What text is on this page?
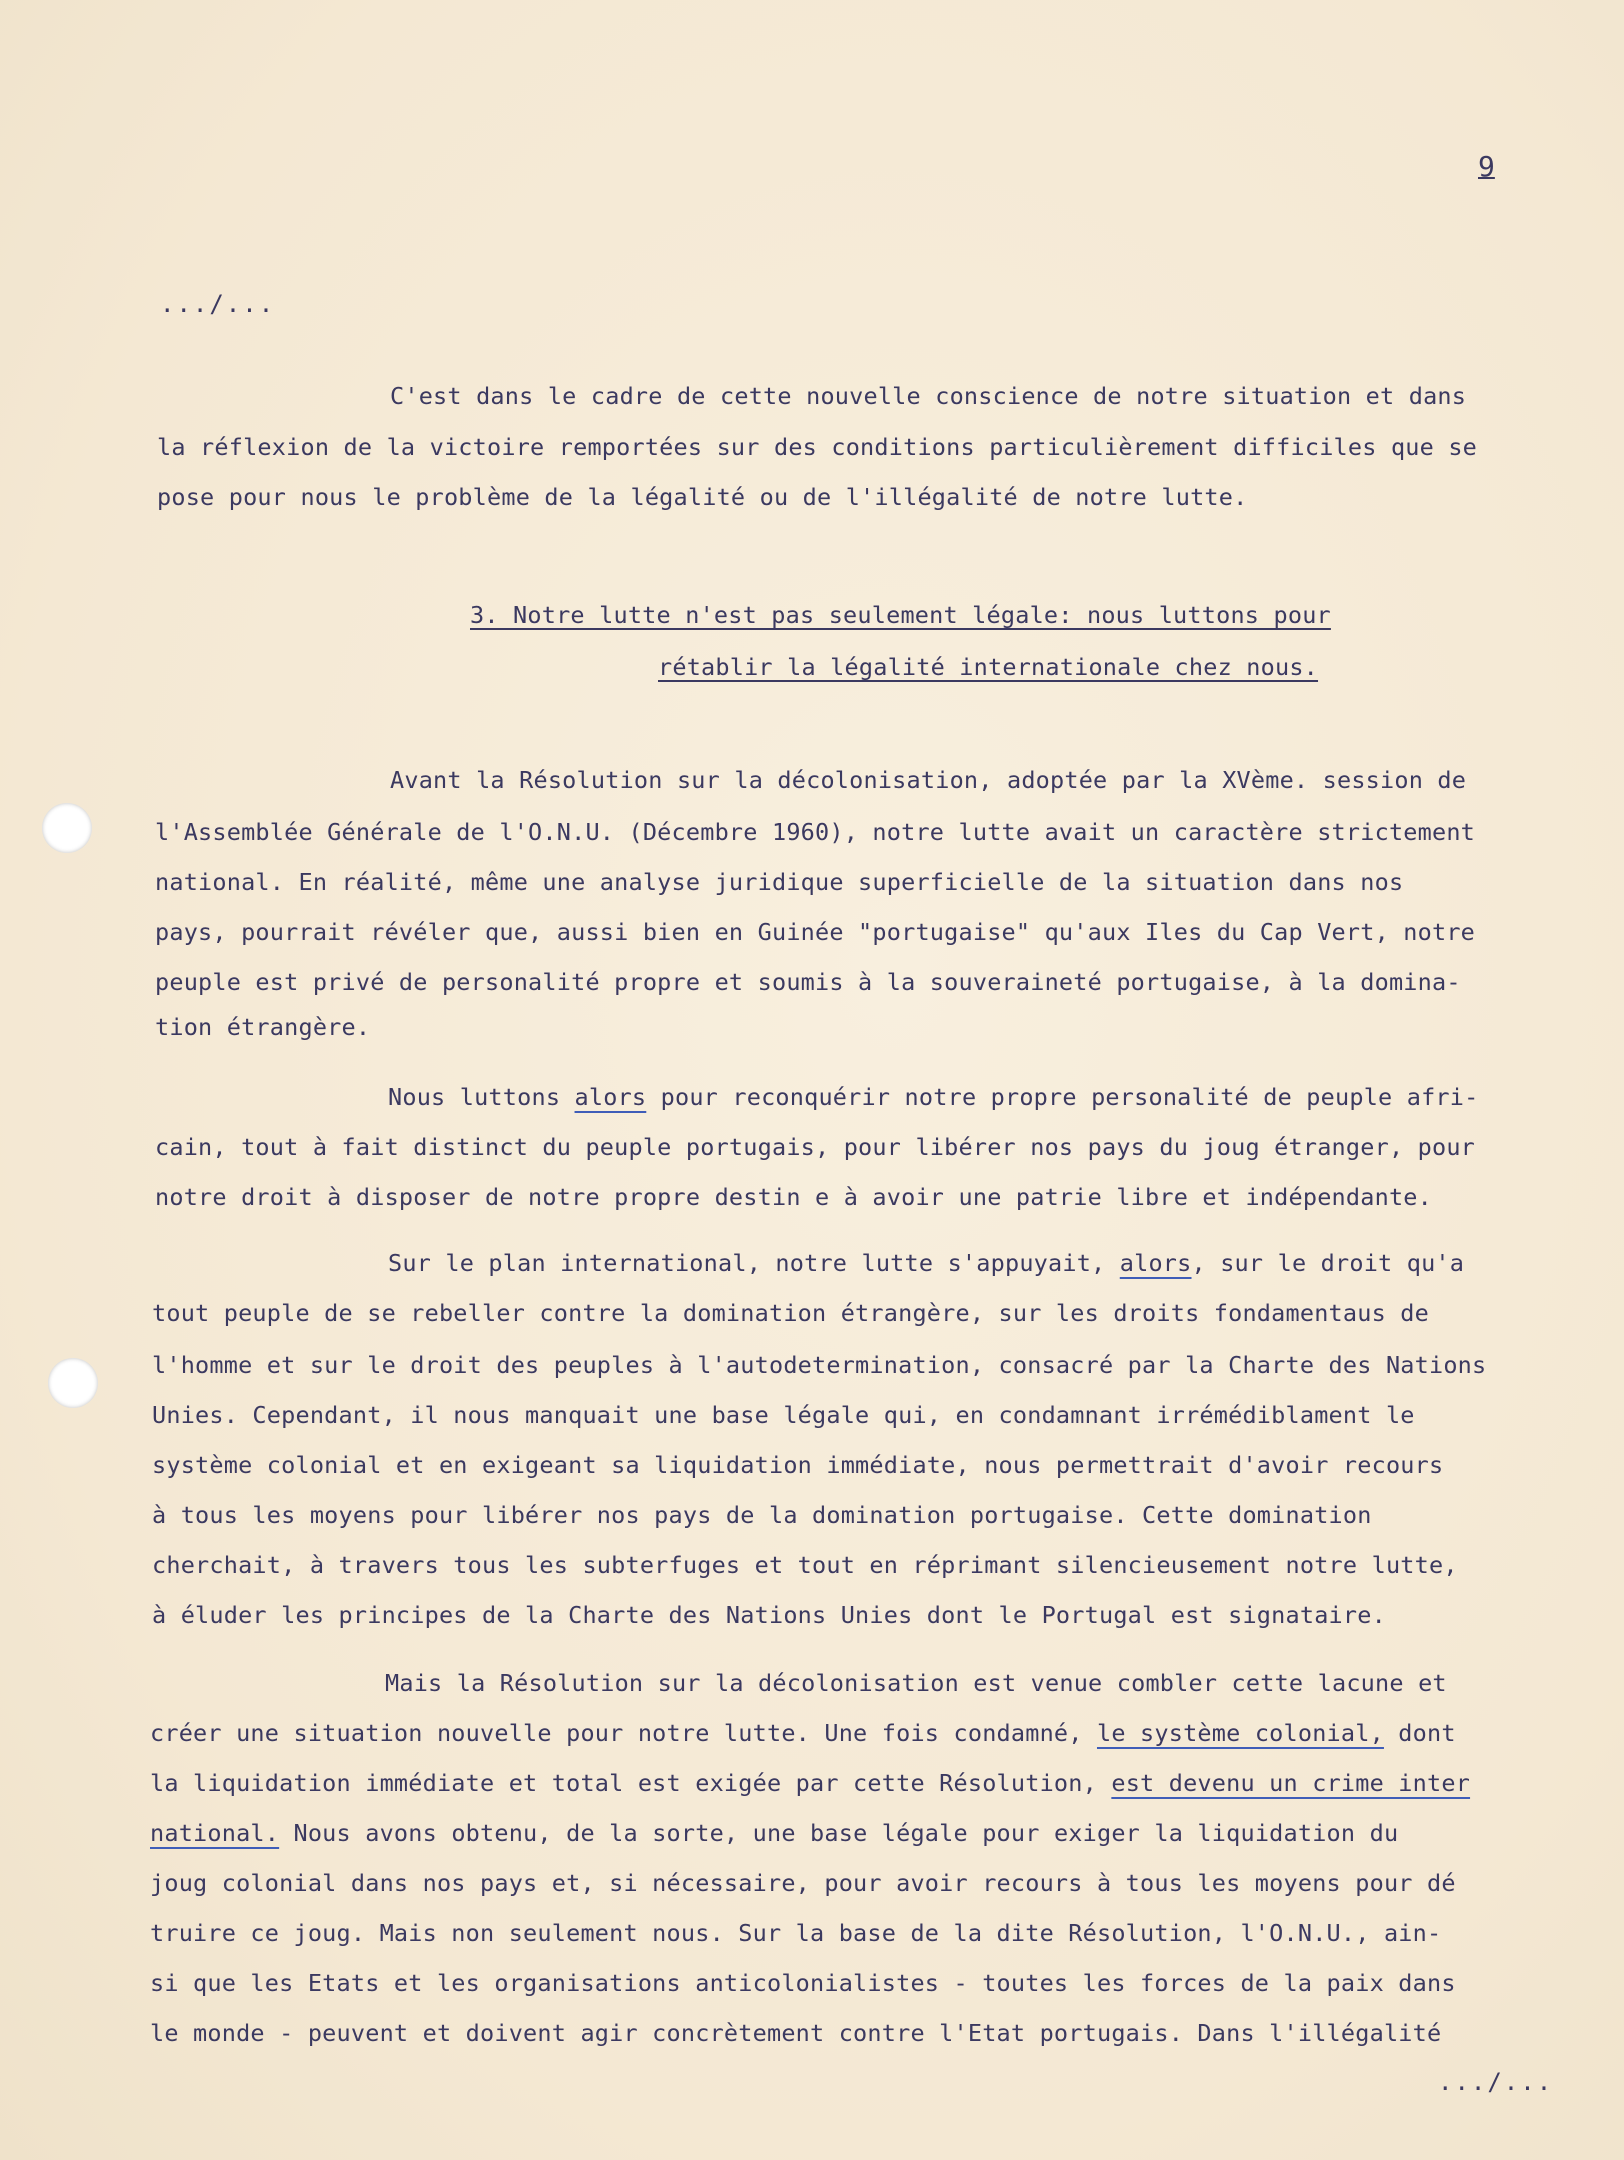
9
.../...
C'est dans le cadre de cette nouvelle conscience de notre situation et dans
la réflexion de la victoire remportées sur des conditions particulièrement difficiles que se
pose pour nous le problème de la légalité ou de l'illégalité de notre lutte.
3. Notre lutte n'est pas seulement légale: nous luttons pour
rétablir la légalité internationale chez nous.
Avant la Résolution sur la décolonisation, adoptée par la XVème. session de
l'Assemblée Générale de l'O.N.U. (Décembre 1960), notre lutte avait un caractère strictement
national. En réalité, même une analyse juridique superficielle de la situation dans nos
pays, pourrait révéler que, aussi bien en Guinée "portugaise" qu'aux Iles du Cap Vert, notre
peuple est privé de personalité propre et soumis à la souveraineté portugaise, à la domina-
tion étrangère.
Nous luttons alors pour reconquérir notre propre personalité de peuple afri-
cain, tout à fait distinct du peuple portugais, pour libérer nos pays du joug étranger, pour
notre droit à disposer de notre propre destin e à avoir une patrie libre et indépendante.
Sur le plan international, notre lutte s'appuyait, alors, sur le droit qu'a
tout peuple de se rebeller contre la domination étrangère, sur les droits fondamentaus de
l'homme et sur le droit des peuples à l'autodetermination, consacré par la Charte des Nations
Unies. Cependant, il nous manquait une base légale qui, en condamnant irrémédiblament le
système colonial et en exigeant sa liquidation immédiate, nous permettrait d'avoir recours
à tous les moyens pour libérer nos pays de la domination portugaise. Cette domination
cherchait, à travers tous les subterfuges et tout en réprimant silencieusement notre lutte,
à éluder les principes de la Charte des Nations Unies dont le Portugal est signataire.
Mais la Résolution sur la décolonisation est venue combler cette lacune et
créer une situation nouvelle pour notre lutte. Une fois condamné, le système colonial, dont
la liquidation immédiate et total est exigée par cette Résolution, est devenu un crime inter
national. Nous avons obtenu, de la sorte, une base légale pour exiger la liquidation du
joug colonial dans nos pays et, si nécessaire, pour avoir recours à tous les moyens pour dé
truire ce joug. Mais non seulement nous. Sur la base de la dite Résolution, l'O.N.U., ain-
si que les Etats et les organisations anticolonialistes - toutes les forces de la paix dans
le monde - peuvent et doivent agir concrètement contre l'Etat portugais. Dans l'illégalité
.../...
